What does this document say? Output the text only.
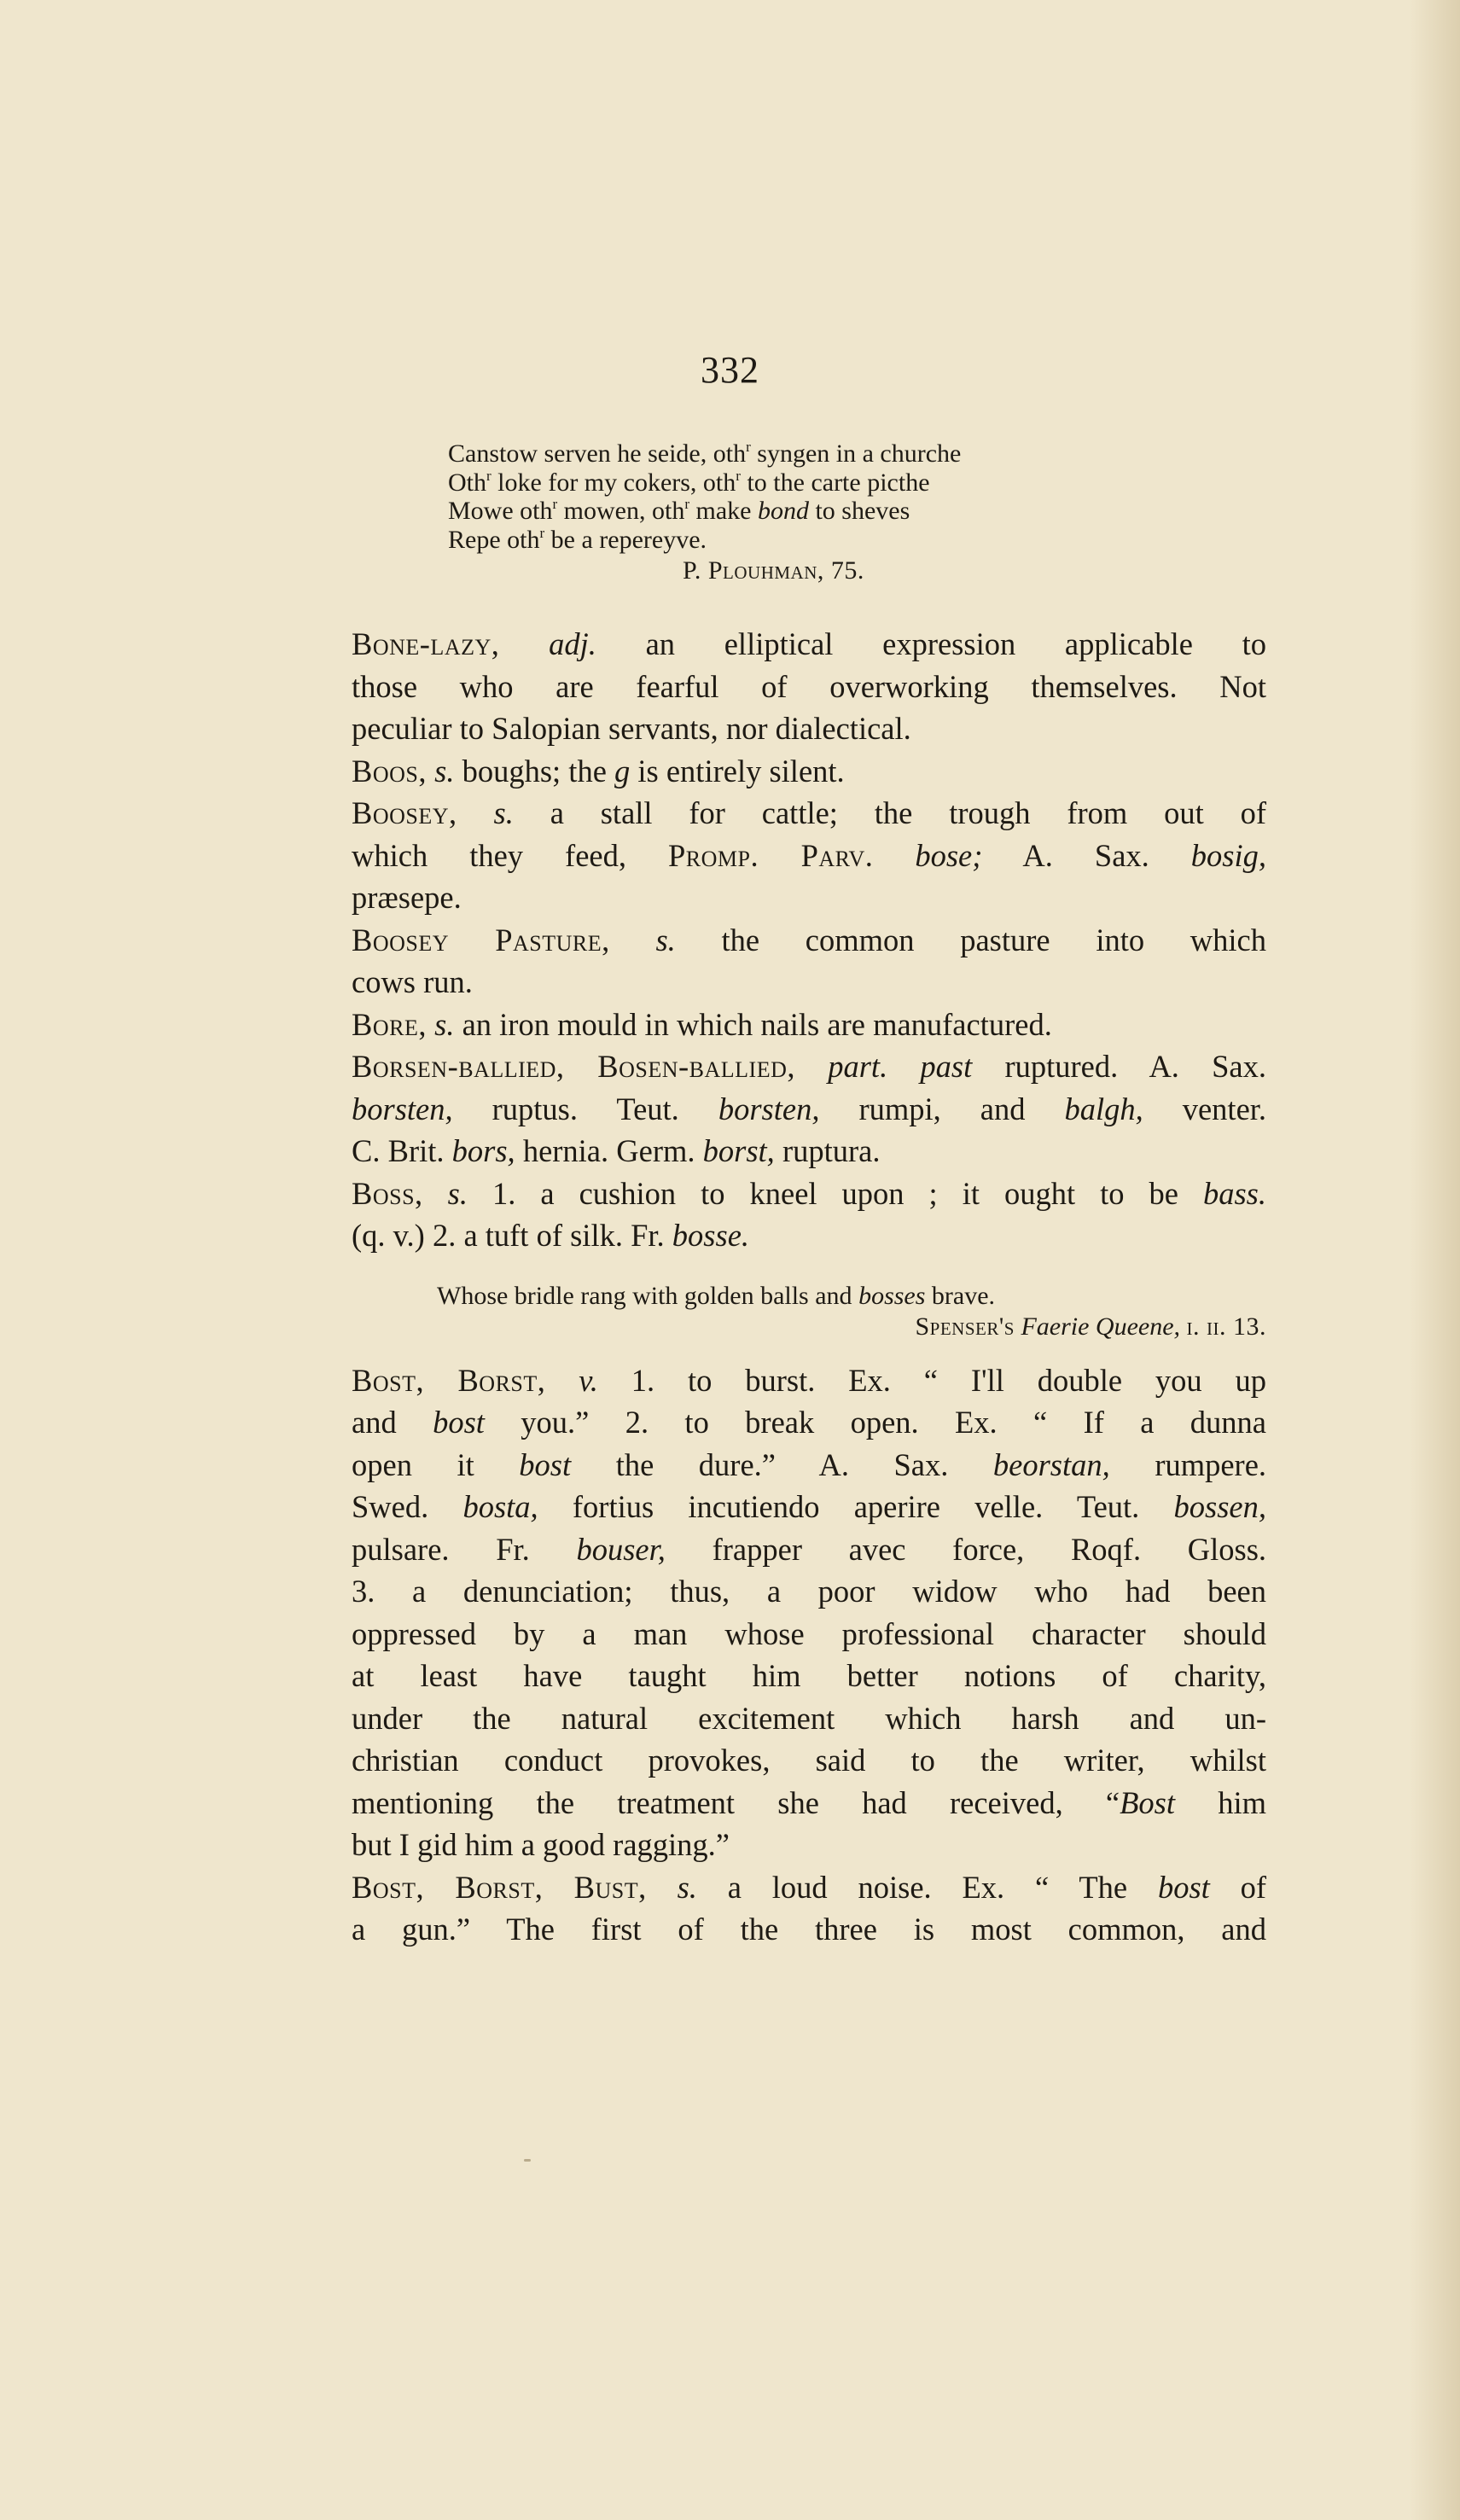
332
Canstow serven he seide, oth$^r$ syngen in a churche
Oth$^r$ loke for my cokers, oth$^r$ to the carte picthe
Mowe oth$^r$ mowen, oth$^r$ make bond to sheves
Repe oth$^r$ be a repereyve.
P. Plouhman, 75.
Bone-lazy, adj. an elliptical expression applicable to
those who are fearful of overworking themselves. Not
peculiar to Salopian servants, nor dialectical.
Boos, s. boughs; the g is entirely silent.
Boosey, s. a stall for cattle; the trough from out of
which they feed, Promp. Parv. bose; A. Sax. bosig,
præsepe.
Boosey Pasture, s. the common pasture into which
cows run.
Bore, s. an iron mould in which nails are manufactured.
Borsen-ballied, Bosen-ballied, part. past ruptured. A. Sax.
borsten, ruptus. Teut. borsten, rumpi, and balgh, venter.
C. Brit. bors, hernia. Germ. borst, ruptura.
Boss, s. 1. a cushion to kneel upon ; it ought to be bass.
(q. v.) 2. a tuft of silk. Fr. bosse.
Whose bridle rang with golden balls and bosses brave.
Spenser's Faerie Queene, i. ii. 13.
Bost, Borst, v. 1. to burst. Ex. “ I'll double you up
and bost you.” 2. to break open. Ex. “ If a dunna
open it bost the dure.” A. Sax. beorstan, rumpere.
Swed. bosta, fortius incutiendo aperire velle. Teut. bossen,
pulsare. Fr. bouser, frapper avec force, Roqf. Gloss.
3. a denunciation; thus, a poor widow who had been
oppressed by a man whose professional character should
at least have taught him better notions of charity,
under the natural excitement which harsh and un-
christian conduct provokes, said to the writer, whilst
mentioning the treatment she had received, “Bost him
but I gid him a good ragging.”
Bost, Borst, Bust, s. a loud noise. Ex. “ The bost of
a gun.” The first of the three is most common, and
